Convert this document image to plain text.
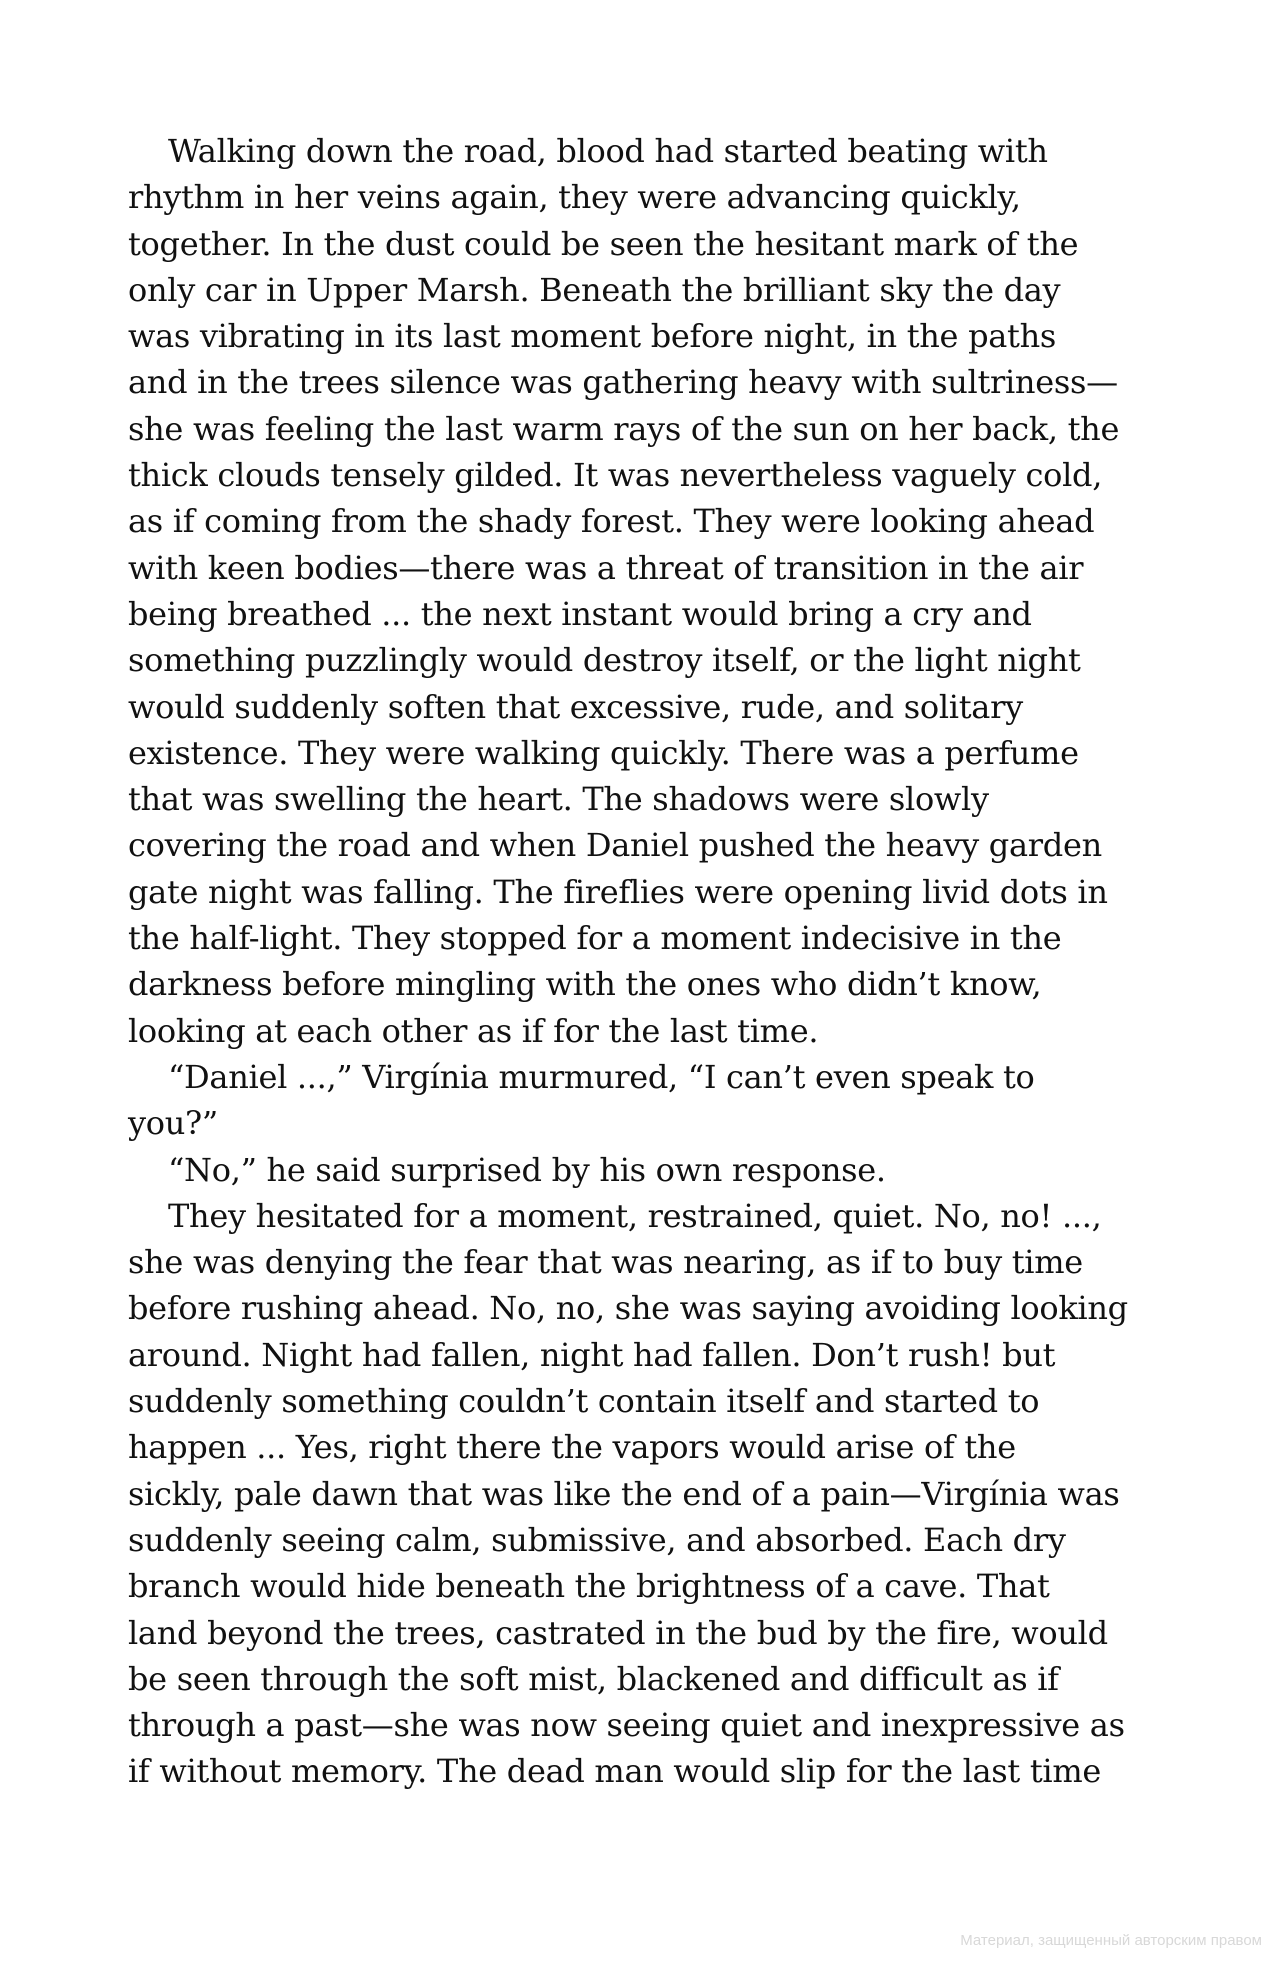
Walking down the road, blood had started beating with
rhythm in her veins again, they were advancing quickly,
together. In the dust could be seen the hesitant mark of the
only car in Upper Marsh. Beneath the brilliant sky the day
was vibrating in its last moment before night, in the paths
and in the trees silence was gathering heavy with sultriness—
she was feeling the last warm rays of the sun on her back, the
thick clouds tensely gilded. It was nevertheless vaguely cold,
as if coming from the shady forest. They were looking ahead
with keen bodies—there was a threat of transition in the air
being breathed ... the next instant would bring a cry and
something puzzlingly would destroy itself, or the light night
would suddenly soften that excessive, rude, and solitary
existence. They were walking quickly. There was a perfume
that was swelling the heart. The shadows were slowly
covering the road and when Daniel pushed the heavy garden
gate night was falling. The fireflies were opening livid dots in
the half-light. They stopped for a moment indecisive in the
darkness before mingling with the ones who didn’t know,
looking at each other as if for the last time.
“Daniel ...,” Virgínia murmured, “I can’t even speak to
you?”
“No,” he said surprised by his own response.
They hesitated for a moment, restrained, quiet. No, no! ...,
she was denying the fear that was nearing, as if to buy time
before rushing ahead. No, no, she was saying avoiding looking
around. Night had fallen, night had fallen. Don’t rush! but
suddenly something couldn’t contain itself and started to
happen ... Yes, right there the vapors would arise of the
sickly, pale dawn that was like the end of a pain—Virgínia was
suddenly seeing calm, submissive, and absorbed. Each dry
branch would hide beneath the brightness of a cave. That
land beyond the trees, castrated in the bud by the fire, would
be seen through the soft mist, blackened and difficult as if
through a past—she was now seeing quiet and inexpressive as
if without memory. The dead man would slip for the last time
Материал, защищенный авторским правом
